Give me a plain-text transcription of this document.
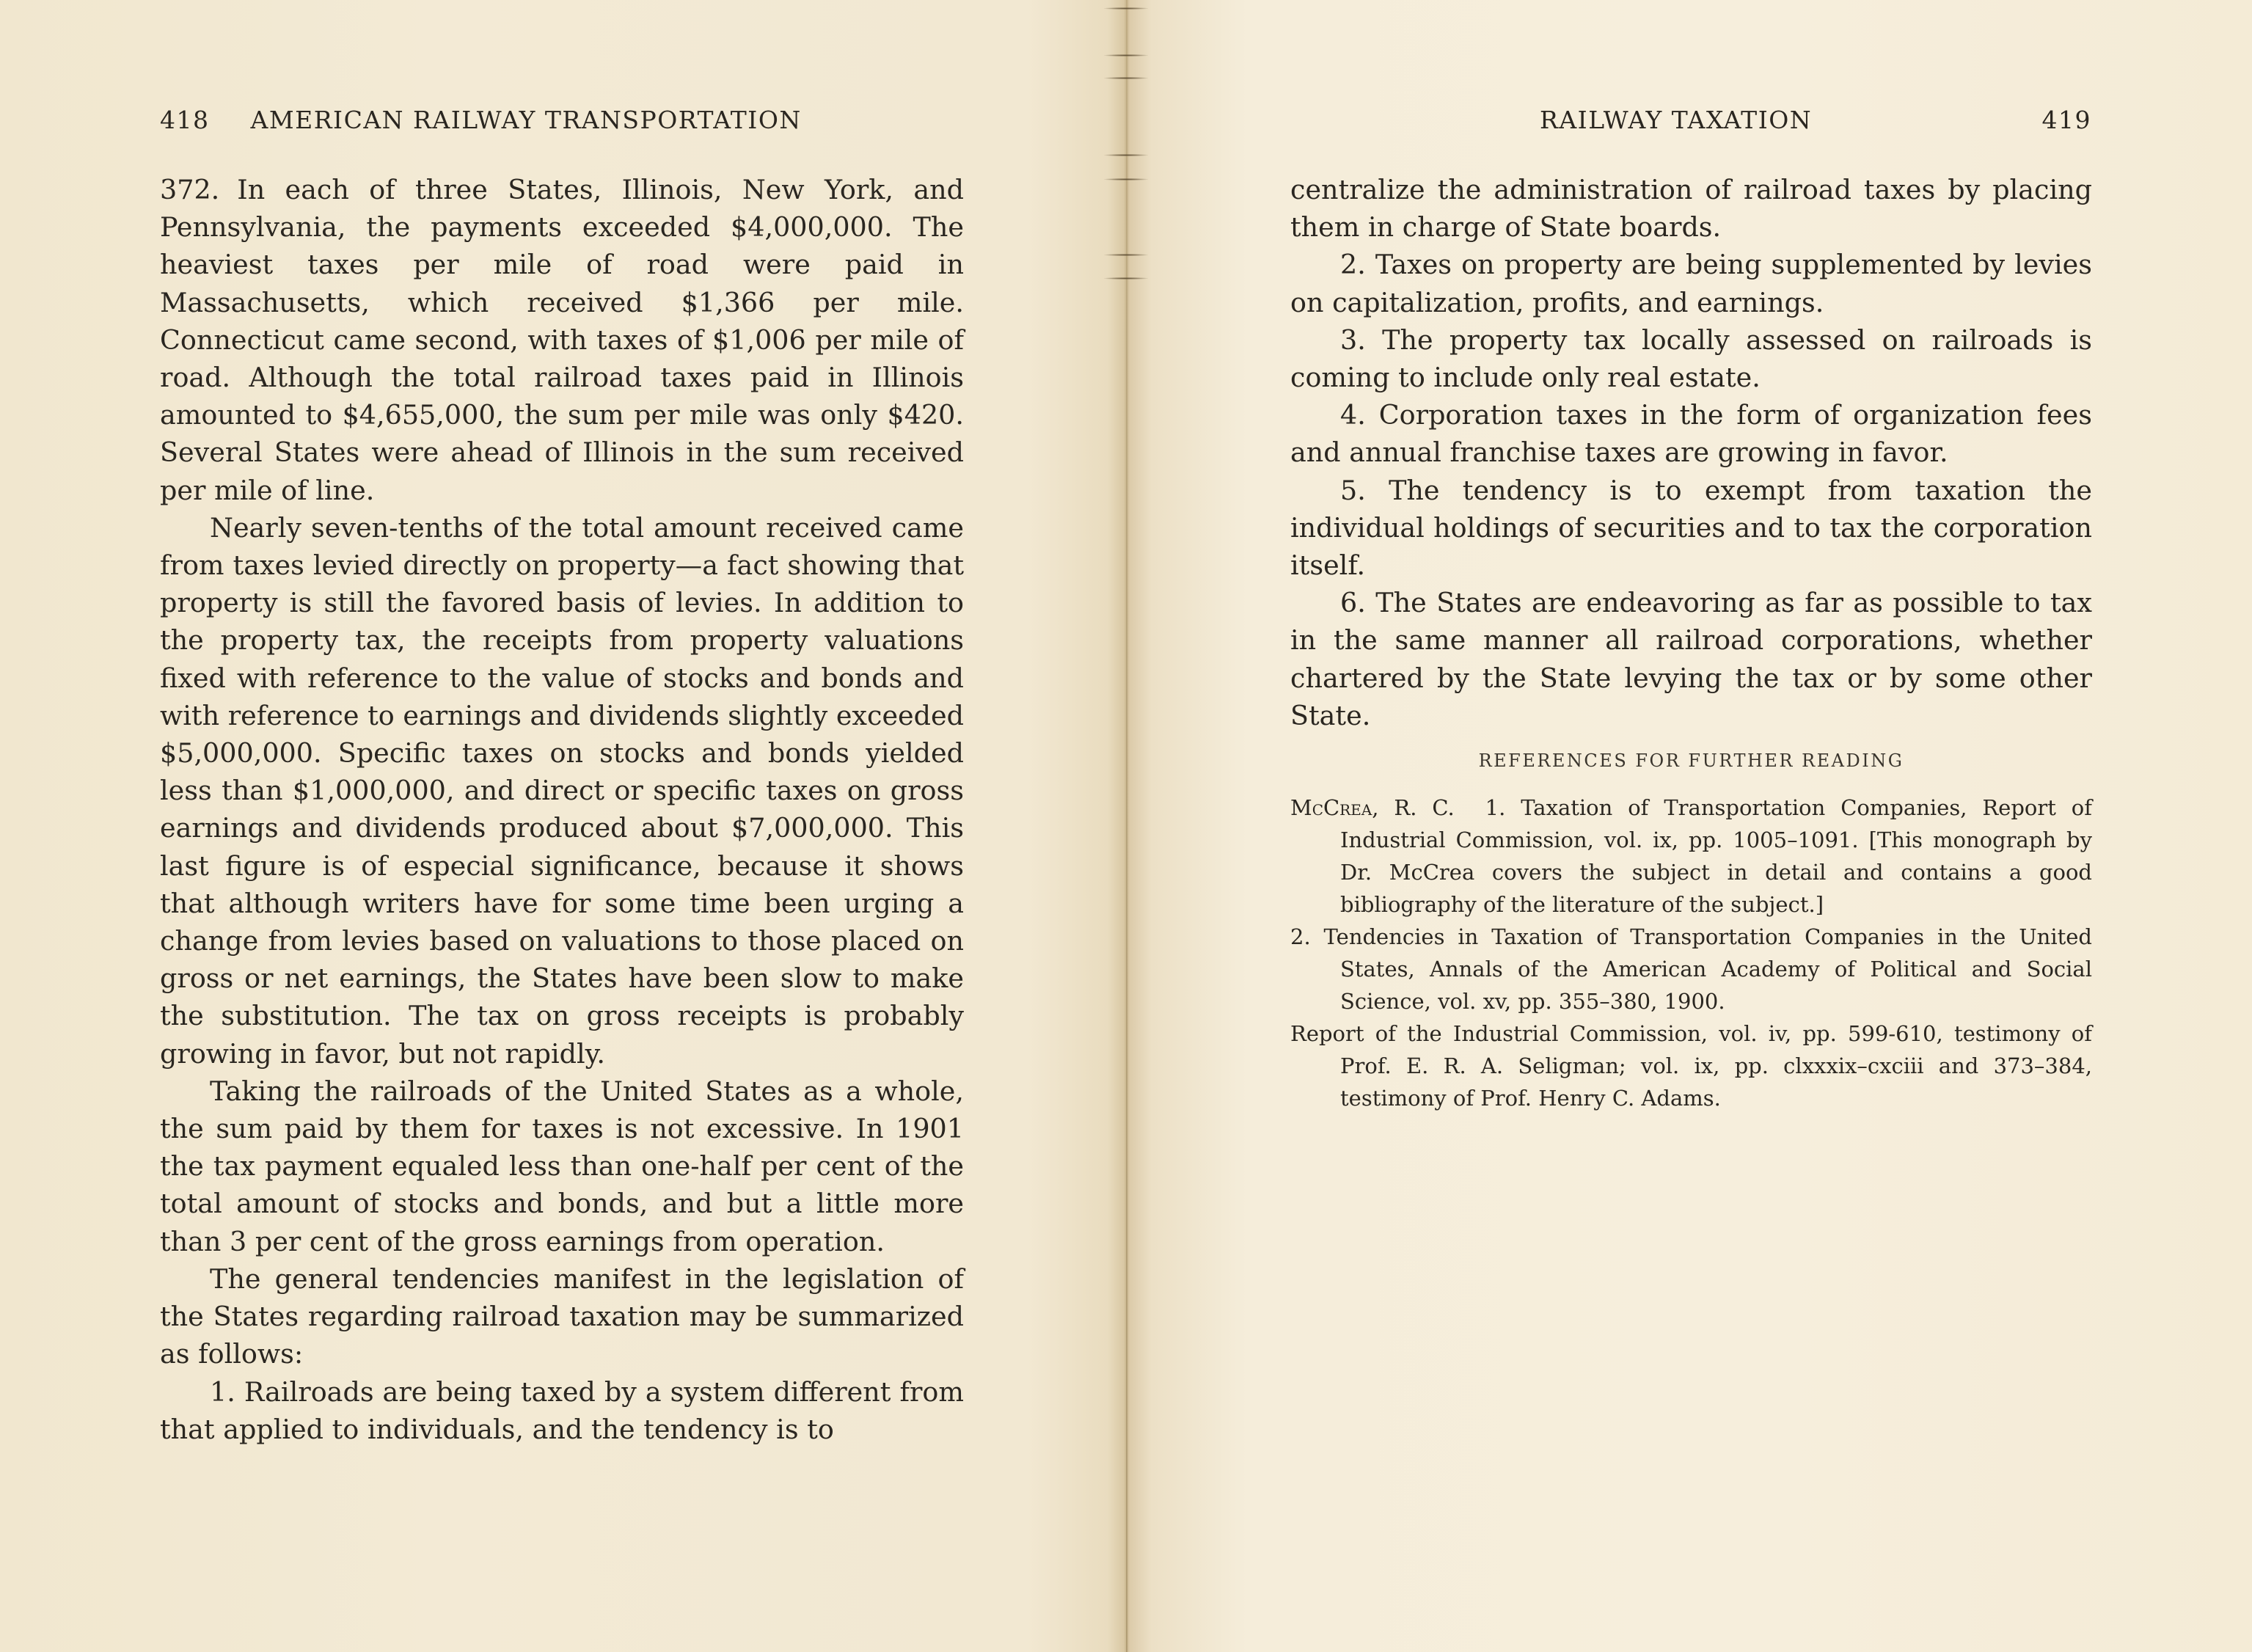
418 AMERICAN RAILWAY TRANSPORTATION

372. In each of three States, Illinois, New York, and Pennsylvania, the payments exceeded $4,000,000. The heaviest taxes per mile of road were paid in Massachusetts, which received $1,366 per mile. Connecticut came second, with taxes of $1,006 per mile of road. Although the total railroad taxes paid in Illinois amounted to $4,655,000, the sum per mile was only $420. Several States were ahead of Illinois in the sum received per mile of line.

Nearly seven-tenths of the total amount received came from taxes levied directly on property—a fact showing that property is still the favored basis of levies. In addition to the property tax, the receipts from property valuations fixed with reference to the value of stocks and bonds and with reference to earnings and dividends slightly exceeded $5,000,000. Specific taxes on stocks and bonds yielded less than $1,000,000, and direct or specific taxes on gross earnings and dividends produced about $7,000,000. This last figure is of especial significance, because it shows that although writers have for some time been urging a change from levies based on valuations to those placed on gross or net earnings, the States have been slow to make the substitution. The tax on gross receipts is probably growing in favor, but not rapidly.

Taking the railroads of the United States as a whole, the sum paid by them for taxes is not excessive. In 1901 the tax payment equaled less than one-half per cent of the total amount of stocks and bonds, and but a little more than 3 per cent of the gross earnings from operation.

The general tendencies manifest in the legislation of the States regarding railroad taxation may be summarized as follows:

1. Railroads are being taxed by a system different from that applied to individuals, and the tendency is to

RAILWAY TAXATION	419

centralize the administration of railroad taxes by placing them in charge of State boards.

2. Taxes on property are being supplemented by levies on capitalization, profits, and earnings.

3. The property tax locally assessed on railroads is coming to include only real estate.

4. Corporation taxes in the form of organization fees and annual franchise taxes are growing in favor.

5. The tendency is to exempt from taxation the individual holdings of securities and to tax the corporation itself.

6. The States are endeavoring as far as possible to tax in the same manner all railroad corporations, whether chartered by the State levying the tax or by some other State.

REFERENCES FOR FURTHER READING

McCrea, R. C. 1. Taxation of Transportation Companies, Report of Industrial Commission, vol. ix, pp. 1005–1091. [This monograph by Dr. McCrea covers the subject in detail and contains a good bibliography of the literature of the subject.]

2. Tendencies in Taxation of Transportation Companies in the United States, Annals of the American Academy of Political and Social Science, vol. xv, pp. 355–380, 1900.

Report of the Industrial Commission, vol. iv, pp. 599-610, testimony of Prof. E. R. A. Seligman; vol. ix, pp. clxxxix–cxciii and 373–384, testimony of Prof. Henry C. Adams.
